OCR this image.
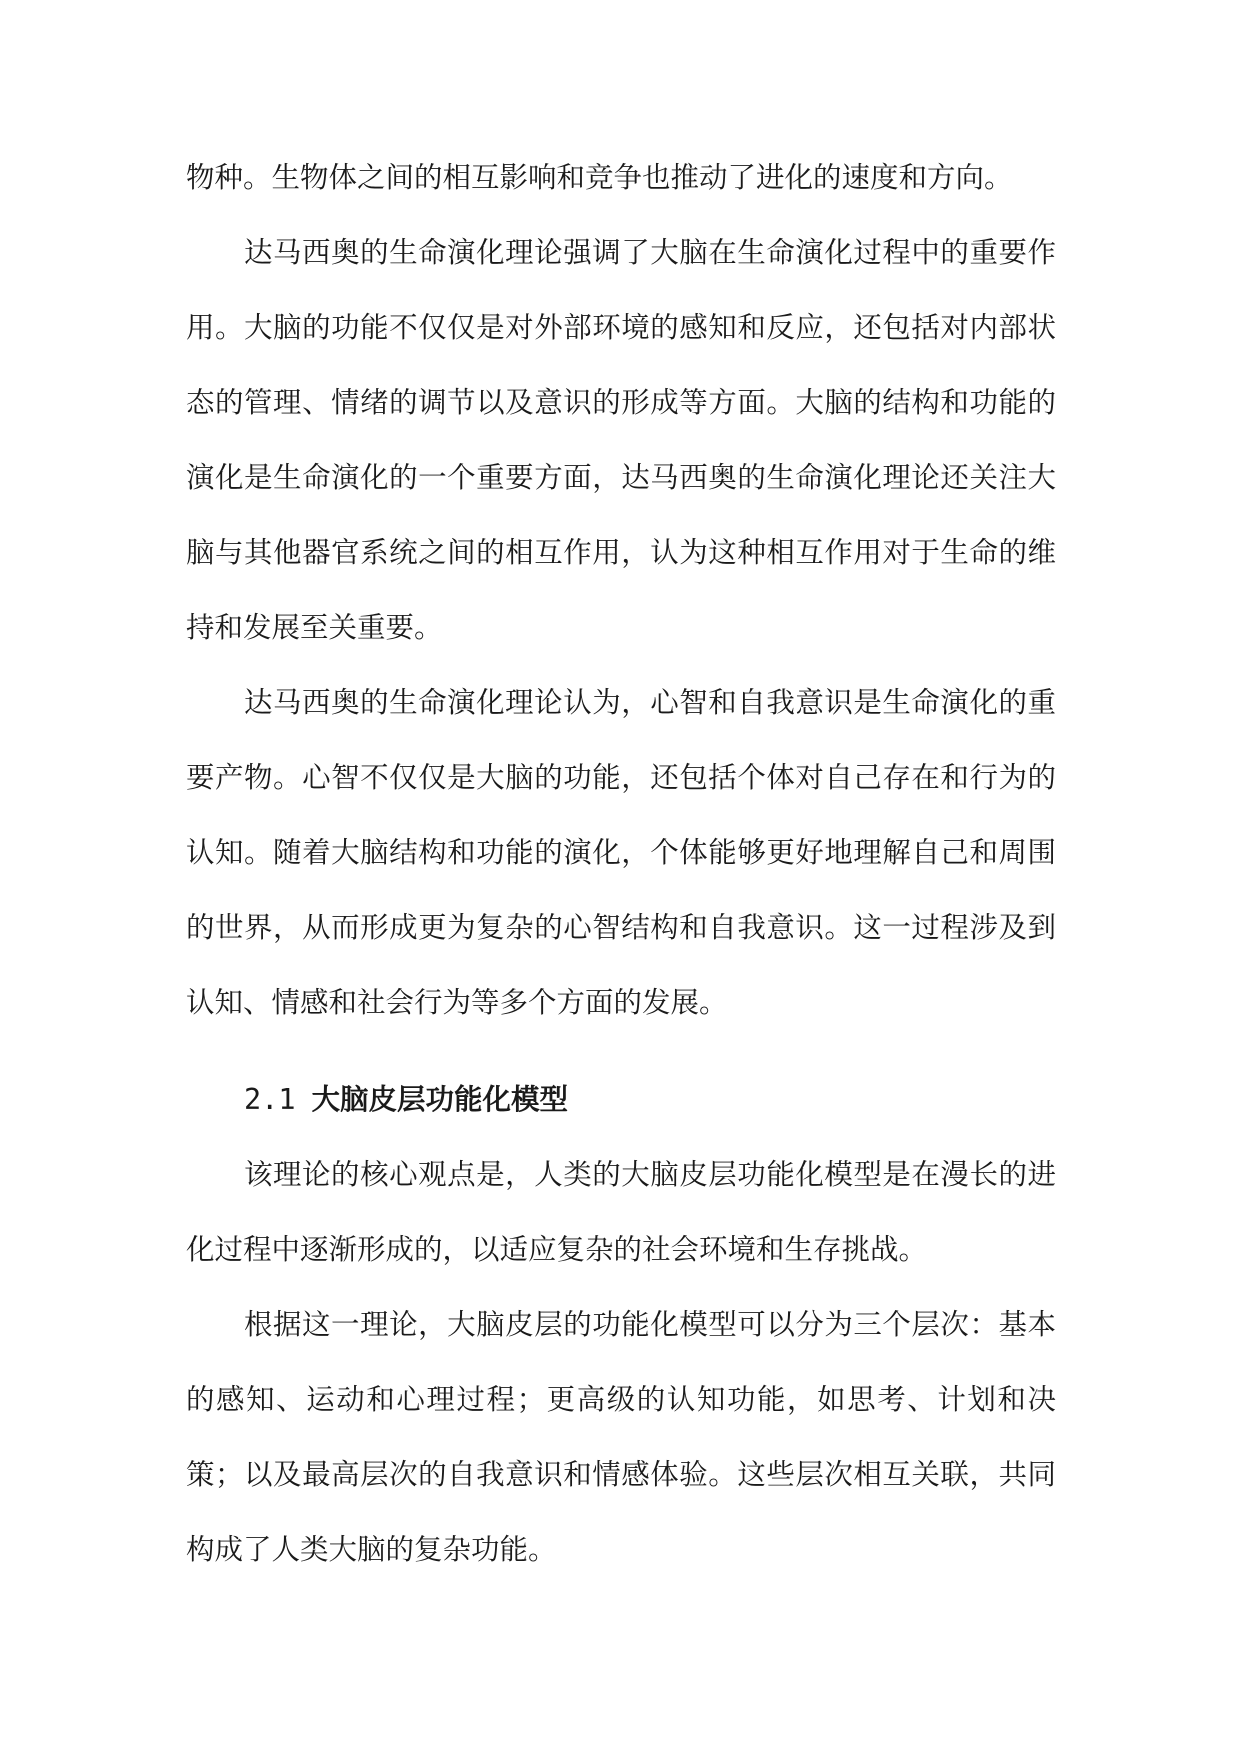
物种。生物体之间的相互影响和竞争也推动了进化的速度和方向。

达马西奥的生命演化理论强调了大脑在生命演化过程中的重要作用。大脑的功能不仅仅是对外部环境的感知和反应，还包括对内部状态的管理、情绪的调节以及意识的形成等方面。大脑的结构和功能的演化是生命演化的一个重要方面，达马西奥的生命演化理论还关注大脑与其他器官系统之间的相互作用，认为这种相互作用对于生命的维持和发展至关重要。

达马西奥的生命演化理论认为，心智和自我意识是生命演化的重要产物。心智不仅仅是大脑的功能，还包括个体对自己存在和行为的认知。随着大脑结构和功能的演化，个体能够更好地理解自己和周围的世界，从而形成更为复杂的心智结构和自我意识。这一过程涉及到认知、情感和社会行为等多个方面的发展。

2.1 大脑皮层功能化模型

该理论的核心观点是，人类的大脑皮层功能化模型是在漫长的进化过程中逐渐形成的，以适应复杂的社会环境和生存挑战。

根据这一理论，大脑皮层的功能化模型可以分为三个层次：基本的感知、运动和心理过程；更高级的认知功能，如思考、计划和决策；以及最高层次的自我意识和情感体验。这些层次相互关联，共同构成了人类大脑的复杂功能。
